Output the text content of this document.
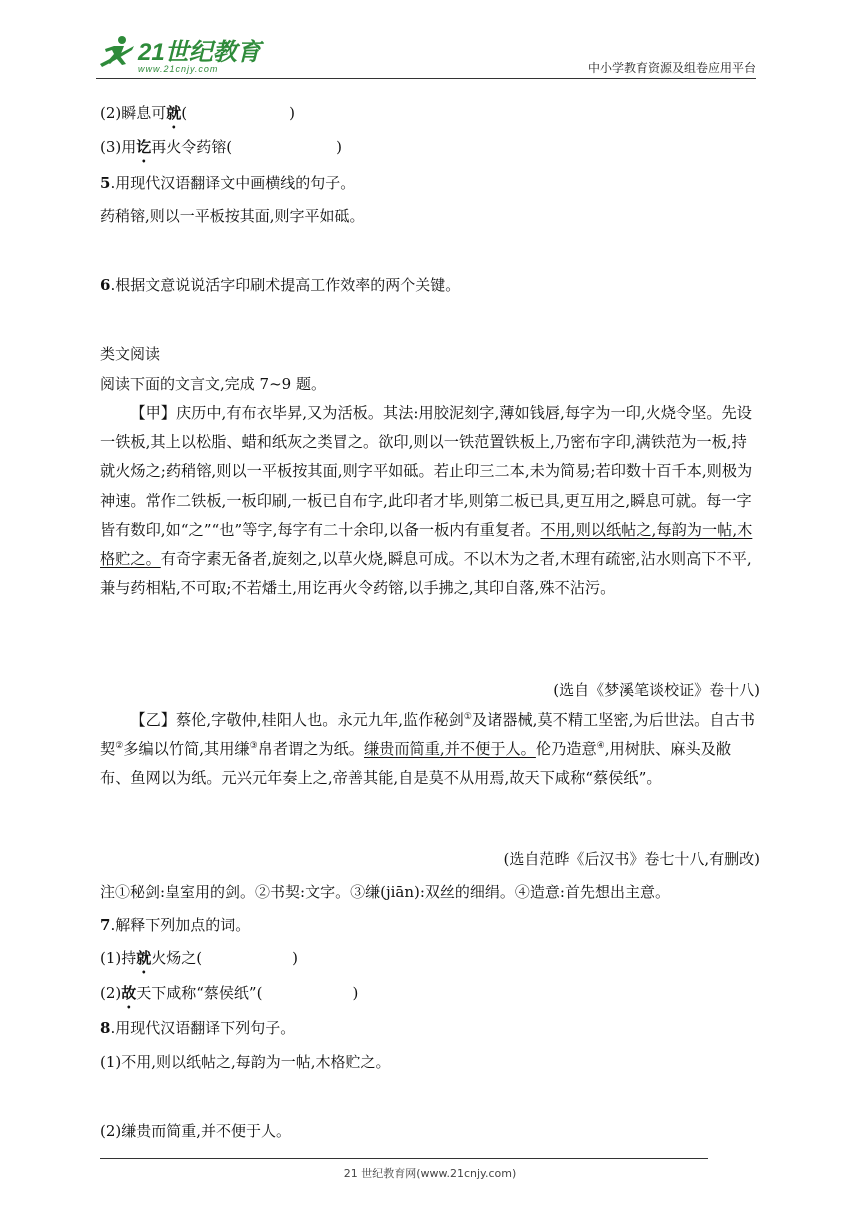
21世纪教育
www.21cnjy.com	中小学教育资源及组卷应用平台
(2)瞬息可就(	)
(3)用讫再火令药镕(	)
5.用现代汉语翻译文中画横线的句子。
药稍镕,则以一平板按其面,则字平如砥。
6.根据文意说说活字印刷术提高工作效率的两个关键。
类文阅读
阅读下面的文言文,完成 7~9 题。
【甲】庆历中,有布衣毕昇,又为活板。其法:用胶泥刻字,薄如钱唇,每字为一印,火烧令坚。先设一铁板,其上以松脂、蜡和纸灰之类冒之。欲印,则以一铁范置铁板上,乃密布字印,满铁范为一板,持就火炀之;药稍镕,则以一平板按其面,则字平如砥。若止印三二本,未为简易;若印数十百千本,则极为神速。常作二铁板,一板印刷,一板已自布字,此印者才毕,则第二板已具,更互用之,瞬息可就。每一字皆有数印,如“之”“也”等字,每字有二十余印,以备一板内有重复者。不用,则以纸帖之,每韵为一帖,木格贮之。有奇字素无备者,旋刻之,以草火烧,瞬息可成。不以木为之者,木理有疏密,沾水则高下不平,兼与药相粘,不可取;不若燔土,用讫再火令药镕,以手拂之,其印自落,殊不沾污。
(选自《梦溪笔谈校证》卷十八)
【乙】蔡伦,字敬仲,桂阳人也。永元九年,监作秘剑①及诸器械,莫不精工坚密,为后世法。自古书契②多编以竹简,其用缣③帛者谓之为纸。缣贵而简重,并不便于人。伦乃造意④,用树肤、麻头及敝布、鱼网以为纸。元兴元年奏上之,帝善其能,自是莫不从用焉,故天下咸称“蔡侯纸”。
(选自范晔《后汉书》卷七十八,有删改)
注①秘剑:皇室用的剑。②书契:文字。③缣(jiān):双丝的细绢。④造意:首先想出主意。
7.解释下列加点的词。
(1)持就火炀之(	)
(2)故天下咸称“蔡侯纸”(	)
8.用现代汉语翻译下列句子。
(1)不用,则以纸帖之,每韵为一帖,木格贮之。
(2)缣贵而简重,并不便于人。
21 世纪教育网(www.21cnjy.com)
